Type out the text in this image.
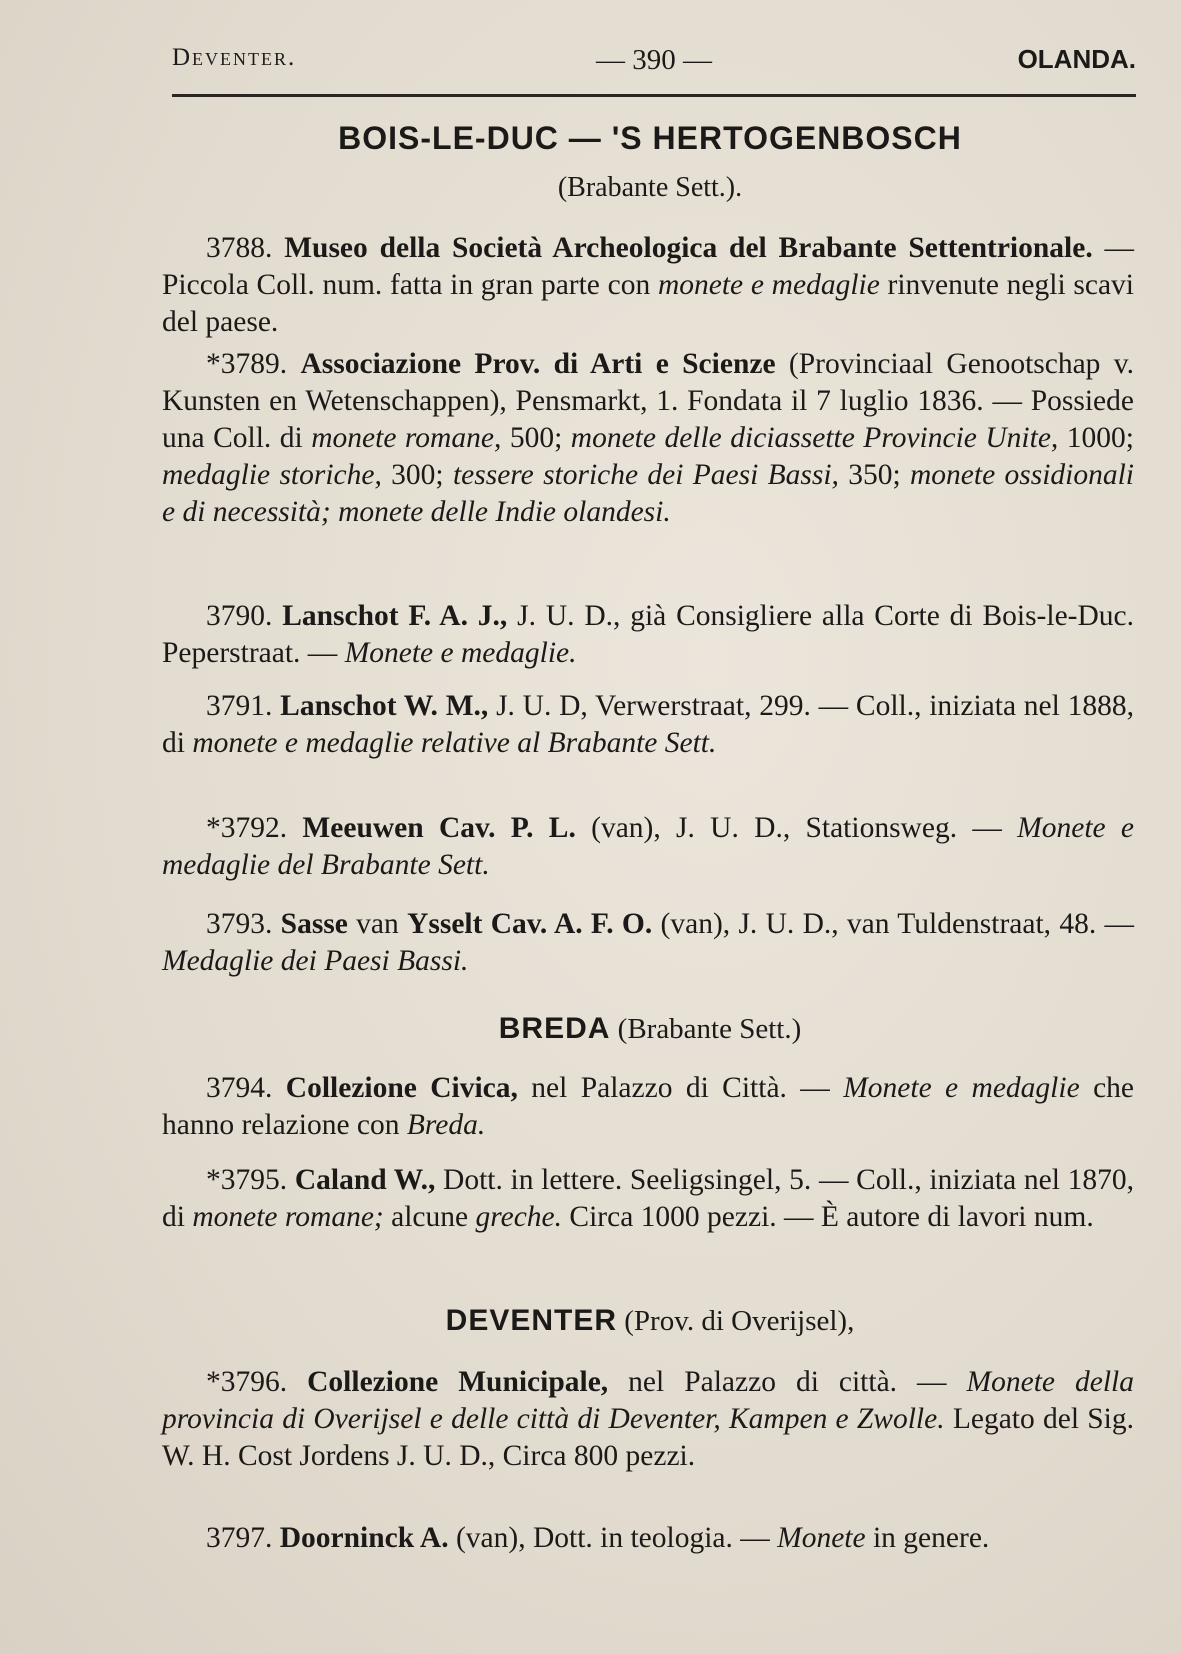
Deventer.	— 390 —	OLANDA.
BOIS-LE-DUC — 'S HERTOGENBOSCH
(Brabante Sett.).
3788. Museo della Società Archeologica del Brabante Settentrionale. — Piccola Coll. num. fatta in gran parte con monete e medaglie rinvenute negli scavi del paese.
*3789. Associazione Prov. di Arti e Scienze (Provinciaal Genootschap v. Kunsten en Wetenschappen), Pensmarkt, 1. Fondata il 7 luglio 1836. — Possiede una Coll. di monete romane, 500; monete delle diciassette Provincie Unite, 1000; medaglie storiche, 300; tessere storiche dei Paesi Bassi, 350; monete ossidionali e di necessità; monete delle Indie olandesi.
3790. Lanschot F. A. J., J. U. D., già Consigliere alla Corte di Bois-le-Duc. Peperstraat. — Monete e medaglie.
3791. Lanschot W. M., J. U. D, Verwerstraat, 299. — Coll., iniziata nel 1888, di monete e medaglie relative al Brabante Sett.
*3792. Meeuwen Cav. P. L. (van), J. U. D., Stationsweg. — Monete e medaglie del Brabante Sett.
3793. Sasse van Ysselt Cav. A. F. O. (van), J. U. D., van Tuldenstraat, 48. — Medaglie dei Paesi Bassi.
BREDA (Brabante Sett.)
3794. Collezione Civica, nel Palazzo di Città. — Monete e medaglie che hanno relazione con Breda.
*3795. Caland W., Dott. in lettere. Seeligsingel, 5. — Coll., iniziata nel 1870, di monete romane; alcune greche. Circa 1000 pezzi. — È autore di lavori num.
DEVENTER (Prov. di Overijsel),
*3796. Collezione Municipale, nel Palazzo di città. — Monete della provincia di Overijsel e delle città di Deventer, Kampen e Zwolle. Legato del Sig. W. H. Cost Jordens J. U. D., Circa 800 pezzi.
3797. Doorninck A. (van), Dott. in teologia. — Monete in genere.
